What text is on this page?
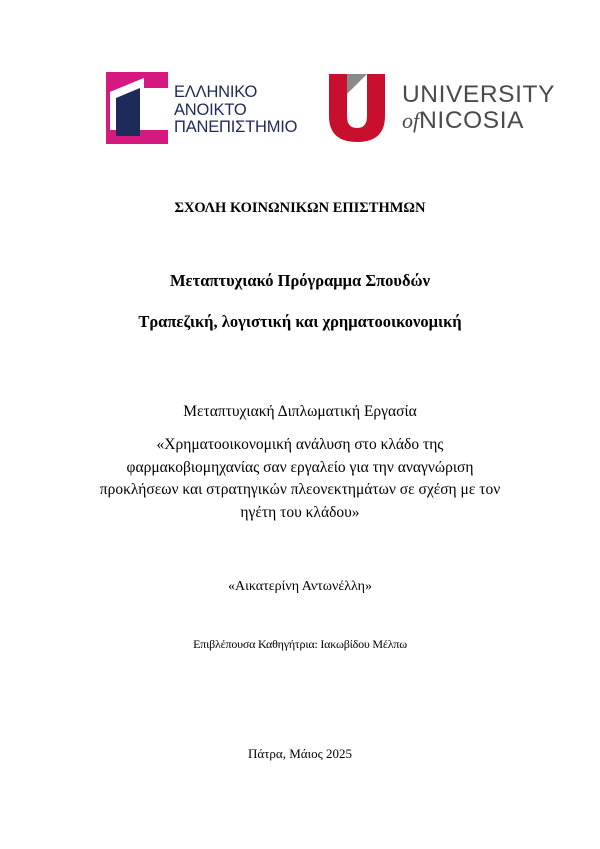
ΕΛΛΗΝΙΚΟ
ΑΝΟΙΚΤΟ
ΠΑΝΕΠΙΣΤΗΜΙΟ
UNIVERSITY
ofNICOSIA
ΣΧΟΛΗ ΚΟΙΝΩΝΙΚΩΝ ΕΠΙΣΤΗΜΩΝ
Μεταπτυχιακό Πρόγραμμα Σπουδών
Τραπεζική, λογιστική και χρηματοοικονομική
Μεταπτυχιακή Διπλωματική Εργασία
«Χρηματοοικονομική ανάλυση στο κλάδο της
φαρμακοβιομηχανίας σαν εργαλείο για την αναγνώριση
προκλήσεων και στρατηγικών πλεονεκτημάτων σε σχέση με τον
ηγέτη του κλάδου»
«Αικατερίνη Αντωνέλλη»
Επιβλέπουσα Καθηγήτρια: Ιακωβίδου Μέλπω
Πάτρα, Μάιος 2025
